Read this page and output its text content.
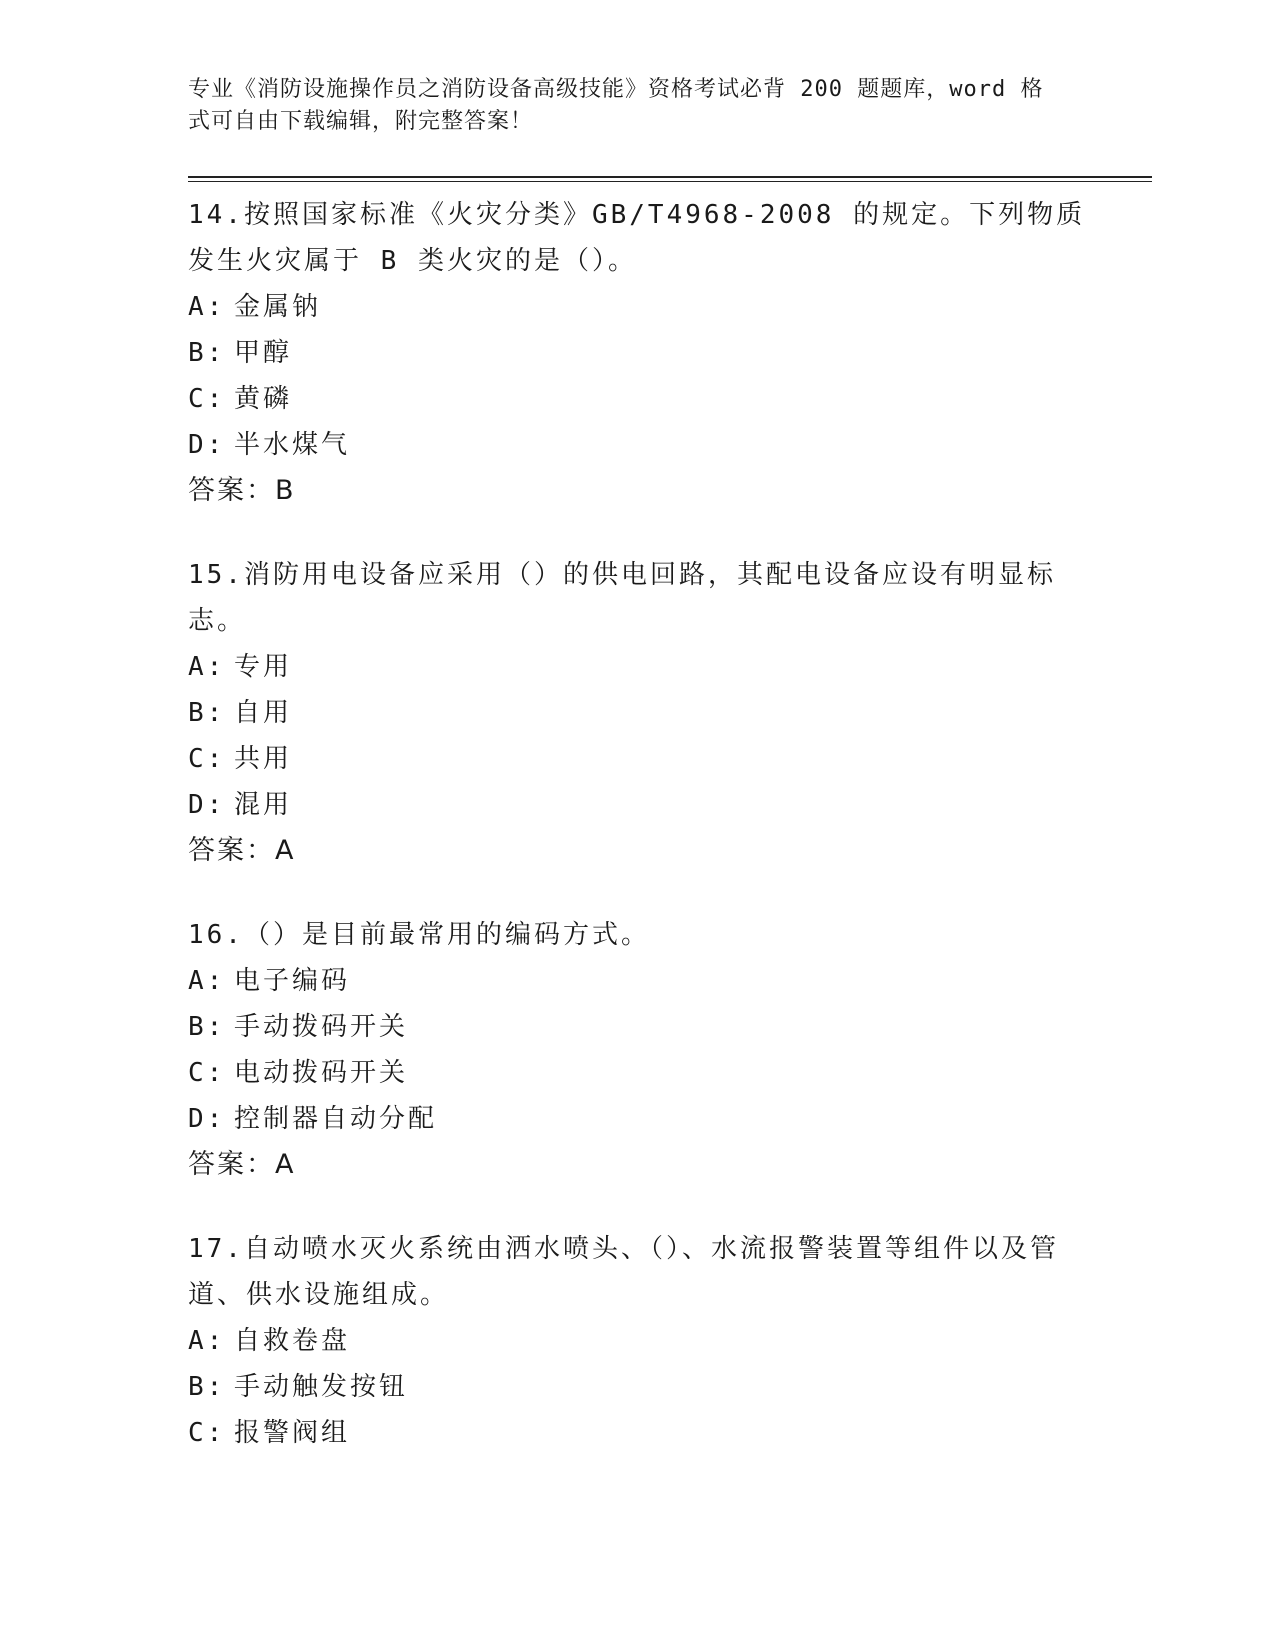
专业《消防设施操作员之消防设备高级技能》资格考试必背 200 题题库，word 格
式可自由下载编辑，附完整答案！

14.按照国家标准《火灾分类》GB/T4968-2008 的规定。下列物质发生火灾属于 B 类火灾的是（）。

A: 金属钠

B: 甲醇

C: 黄磷

D: 半水煤气

答案：B

15.消防用电设备应采用（）的供电回路，其配电设备应设有明显标志。

A: 专用

B: 自用

C: 共用

D: 混用

答案：A

16.（）是目前最常用的编码方式。

A: 电子编码

B: 手动拨码开关

C: 电动拨码开关

D: 控制器自动分配

答案：A

17.自动喷水灭火系统由洒水喷头、（）、水流报警装置等组件以及管道、供水设施组成。

A: 自救卷盘

B: 手动触发按钮

C: 报警阀组
